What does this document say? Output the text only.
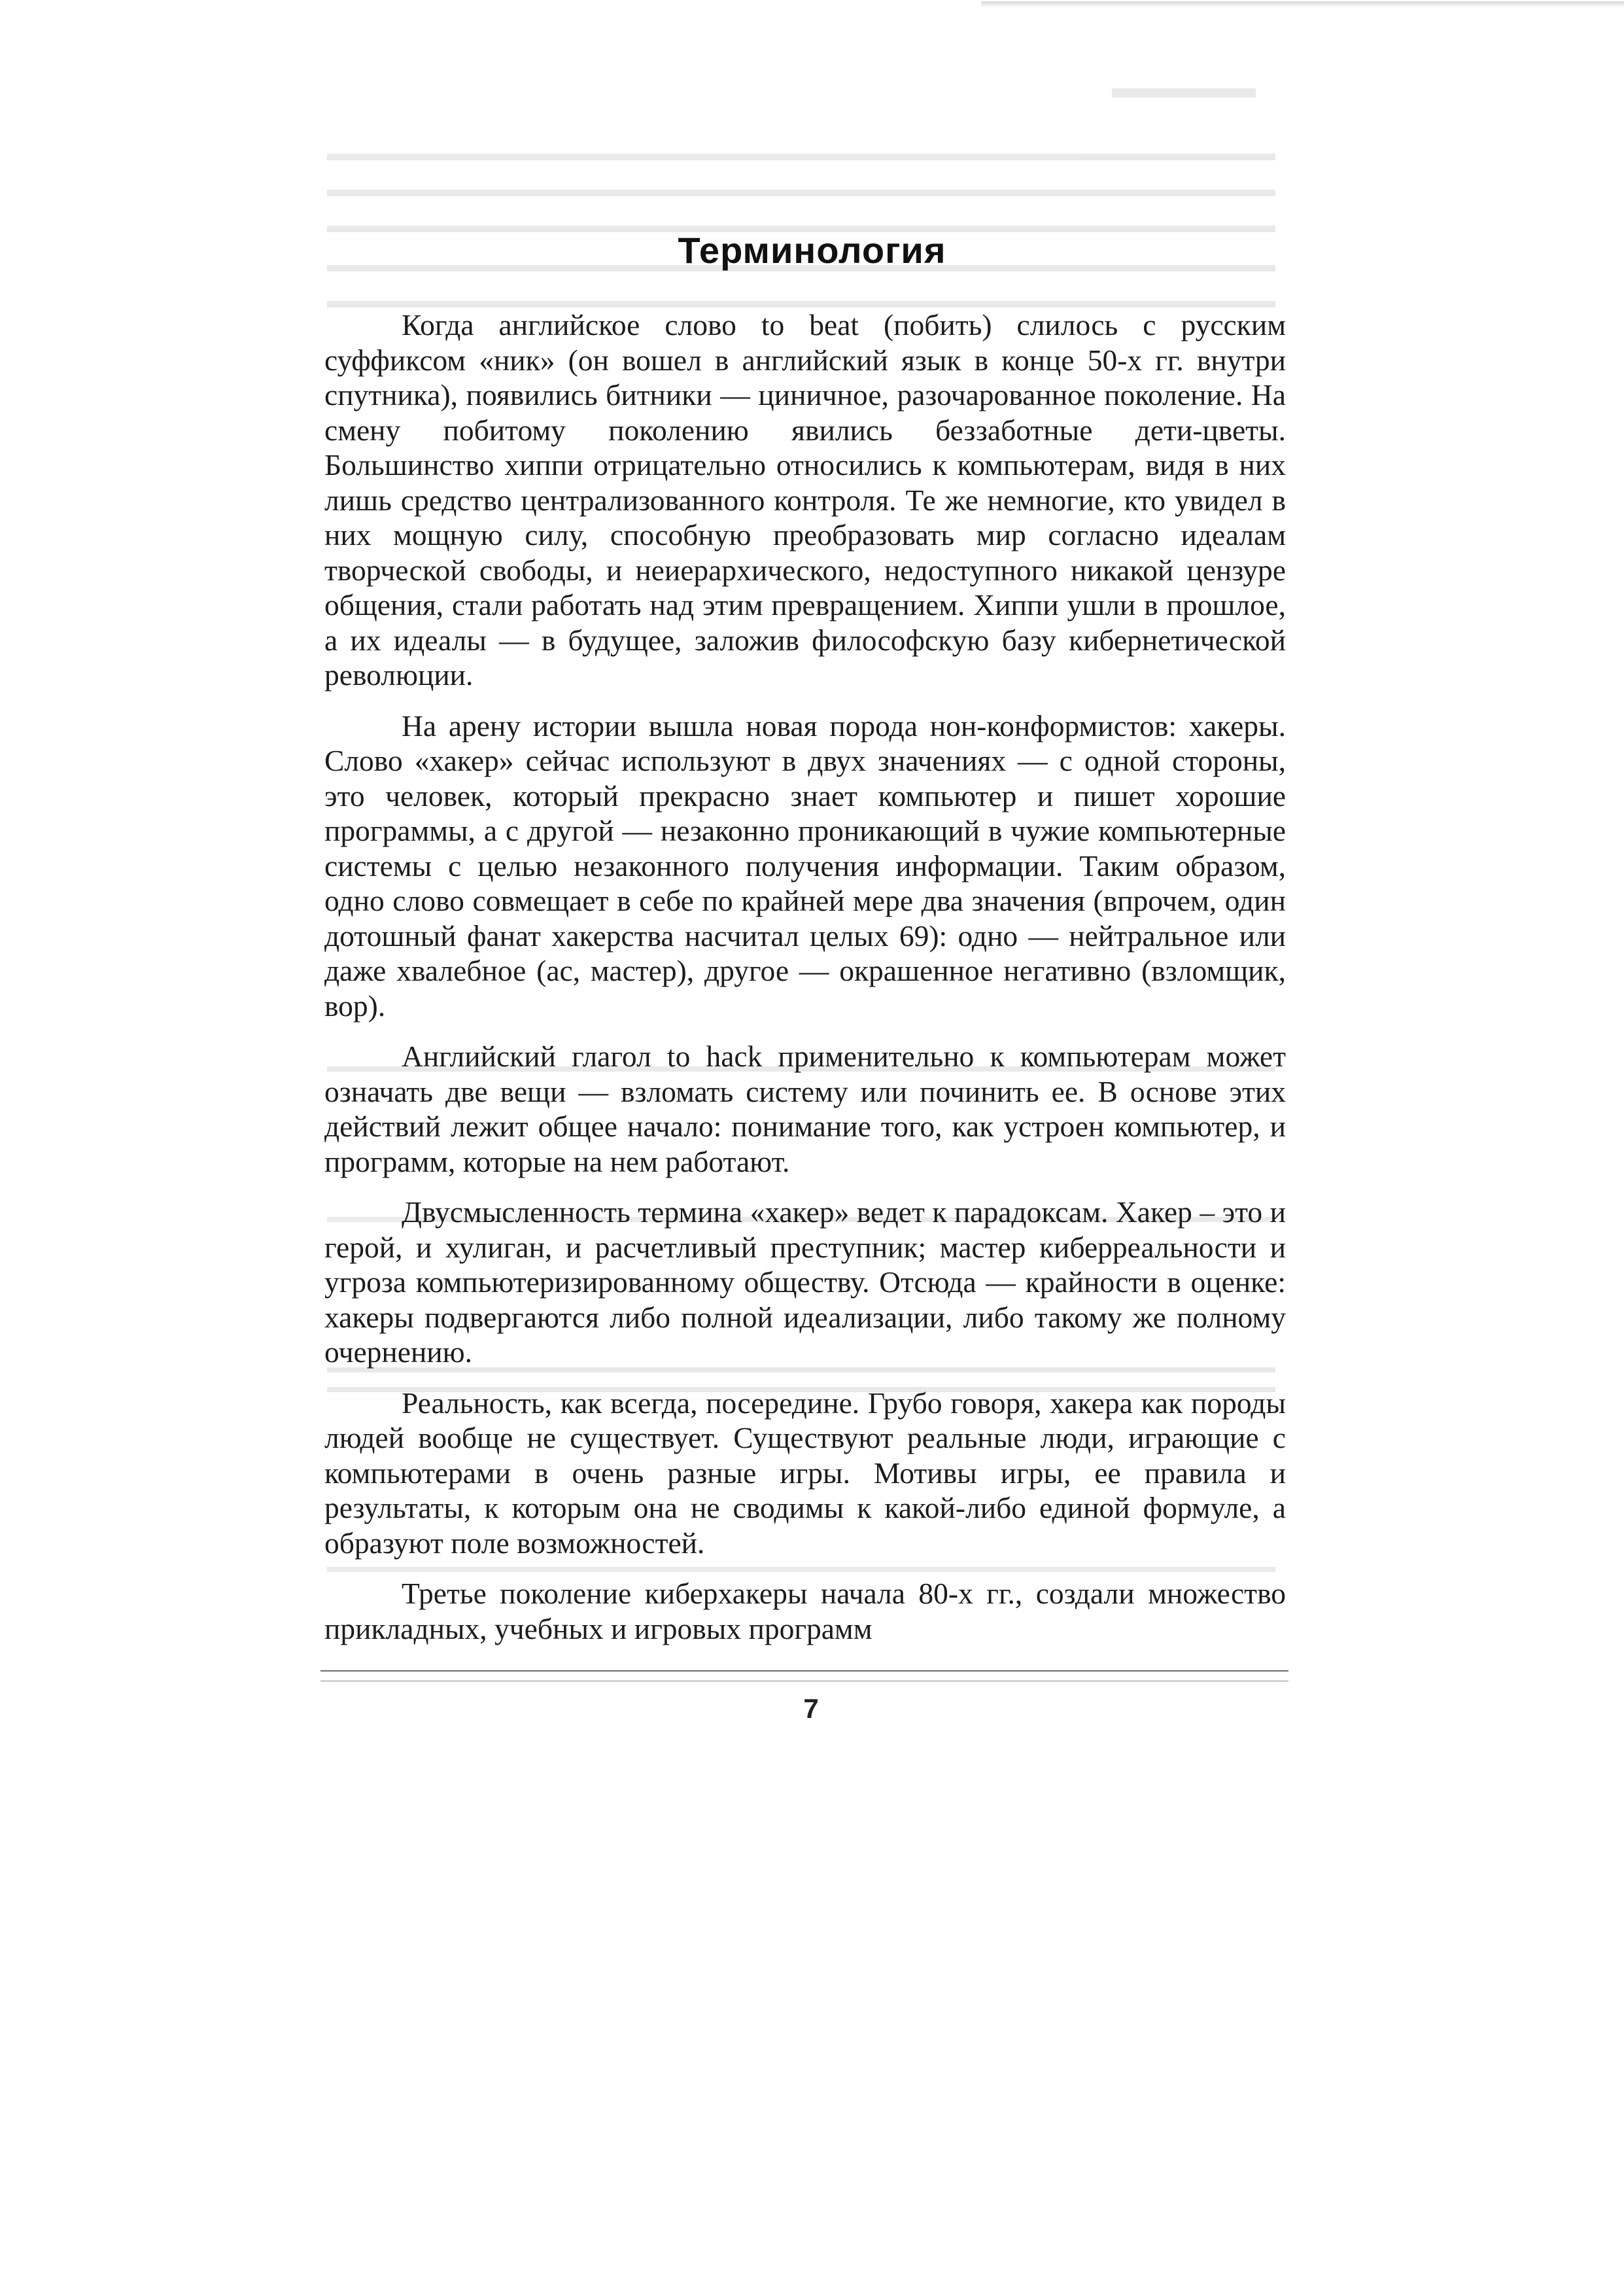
Терминология

Когда английское слово to beat (побить) слилось с русским суффиксом «ник» (он вошел в английский язык в конце 50-х гг. внутри спутника), появились битники — циничное, разочарованное поколение. На смену побитому поколению явились беззаботные дети-цветы. Большинство хиппи отрицательно относились к компьютерам, видя в них лишь средство централизованного контроля. Те же немногие, кто увидел в них мощную силу, способную преобразовать мир согласно идеалам творческой свободы, и неиерархического, недоступного никакой цензуре общения, стали работать над этим превращением. Хиппи ушли в прошлое, а их идеалы — в будущее, заложив философскую базу кибернетической революции.

На арену истории вышла новая порода нон-конформистов: хакеры. Слово «хакер» сейчас используют в двух значениях — с одной стороны, это человек, который прекрасно знает компьютер и пишет хорошие программы, а с другой — незаконно проникающий в чужие компьютерные системы с целью незаконного получения информации. Таким образом, одно слово совмещает в себе по крайней мере два значения (впрочем, один дотошный фанат хакерства насчитал целых 69): одно — нейтральное или даже хвалебное (ас, мастер), другое — окрашенное негативно (взломщик, вор).

Английский глагол to hack применительно к компьютерам может означать две вещи — взломать систему или починить ее. В основе этих действий лежит общее начало: понимание того, как устроен компьютер, и программ, которые на нем работают.

Двусмысленность термина «хакер» ведет к парадоксам. Хакер – это и герой, и хулиган, и расчетливый преступник; мастер киберреальности и угроза компьютеризированному обществу. Отсюда — крайности в оценке: хакеры подвергаются либо полной идеализации, либо такому же полному очернению.

Реальность, как всегда, посередине. Грубо говоря, хакера как породы людей вообще не существует. Существуют реальные люди, играющие с компьютерами в очень разные игры. Мотивы игры, ее правила и результаты, к которым она не сводимы к какой-либо единой формуле, а образуют поле возможностей.

Третье поколение киберхакеры начала 80-х гг., создали множество прикладных, учебных и игровых программ

7
